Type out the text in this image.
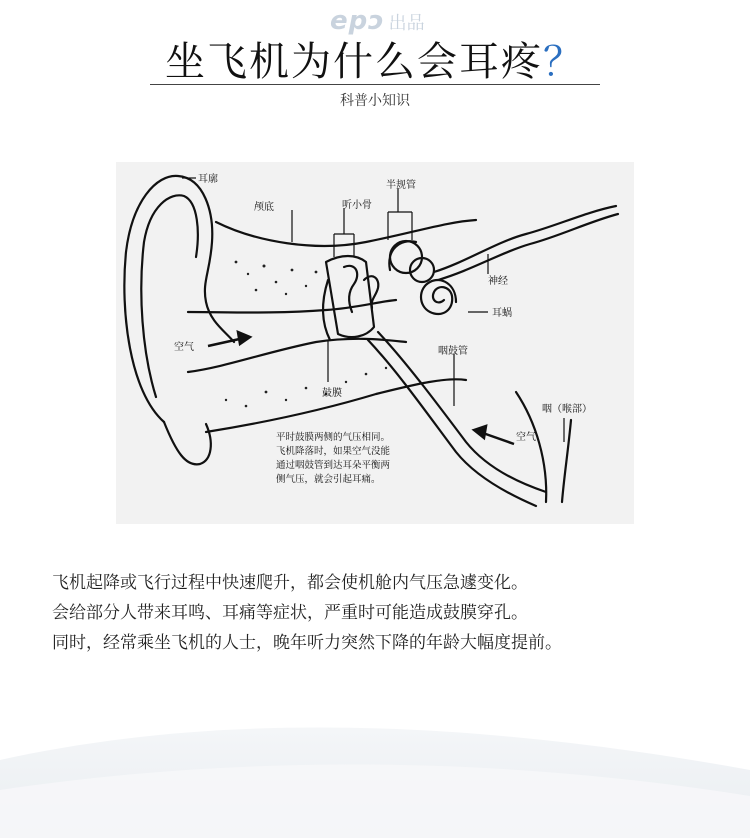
epɔ 出品
坐飞机为什么会耳疼？
科普小知识
耳廓
颅底	听小骨
半规管
神经
耳蜗
空气	咽鼓管
鼓膜
咽（喉部）
空气
平时鼓膜两侧的气压相同。
飞机降落时，如果空气没能
通过咽鼓管到达耳朵平衡两
侧气压，就会引起耳痛。

飞机起降或飞行过程中快速爬升，都会使机舱内气压急遽变化。

会给部分人带来耳鸣、耳痛等症状，严重时可能造成鼓膜穿孔。

同时，经常乘坐飞机的人士，晚年听力突然下降的年龄大幅度提前。
